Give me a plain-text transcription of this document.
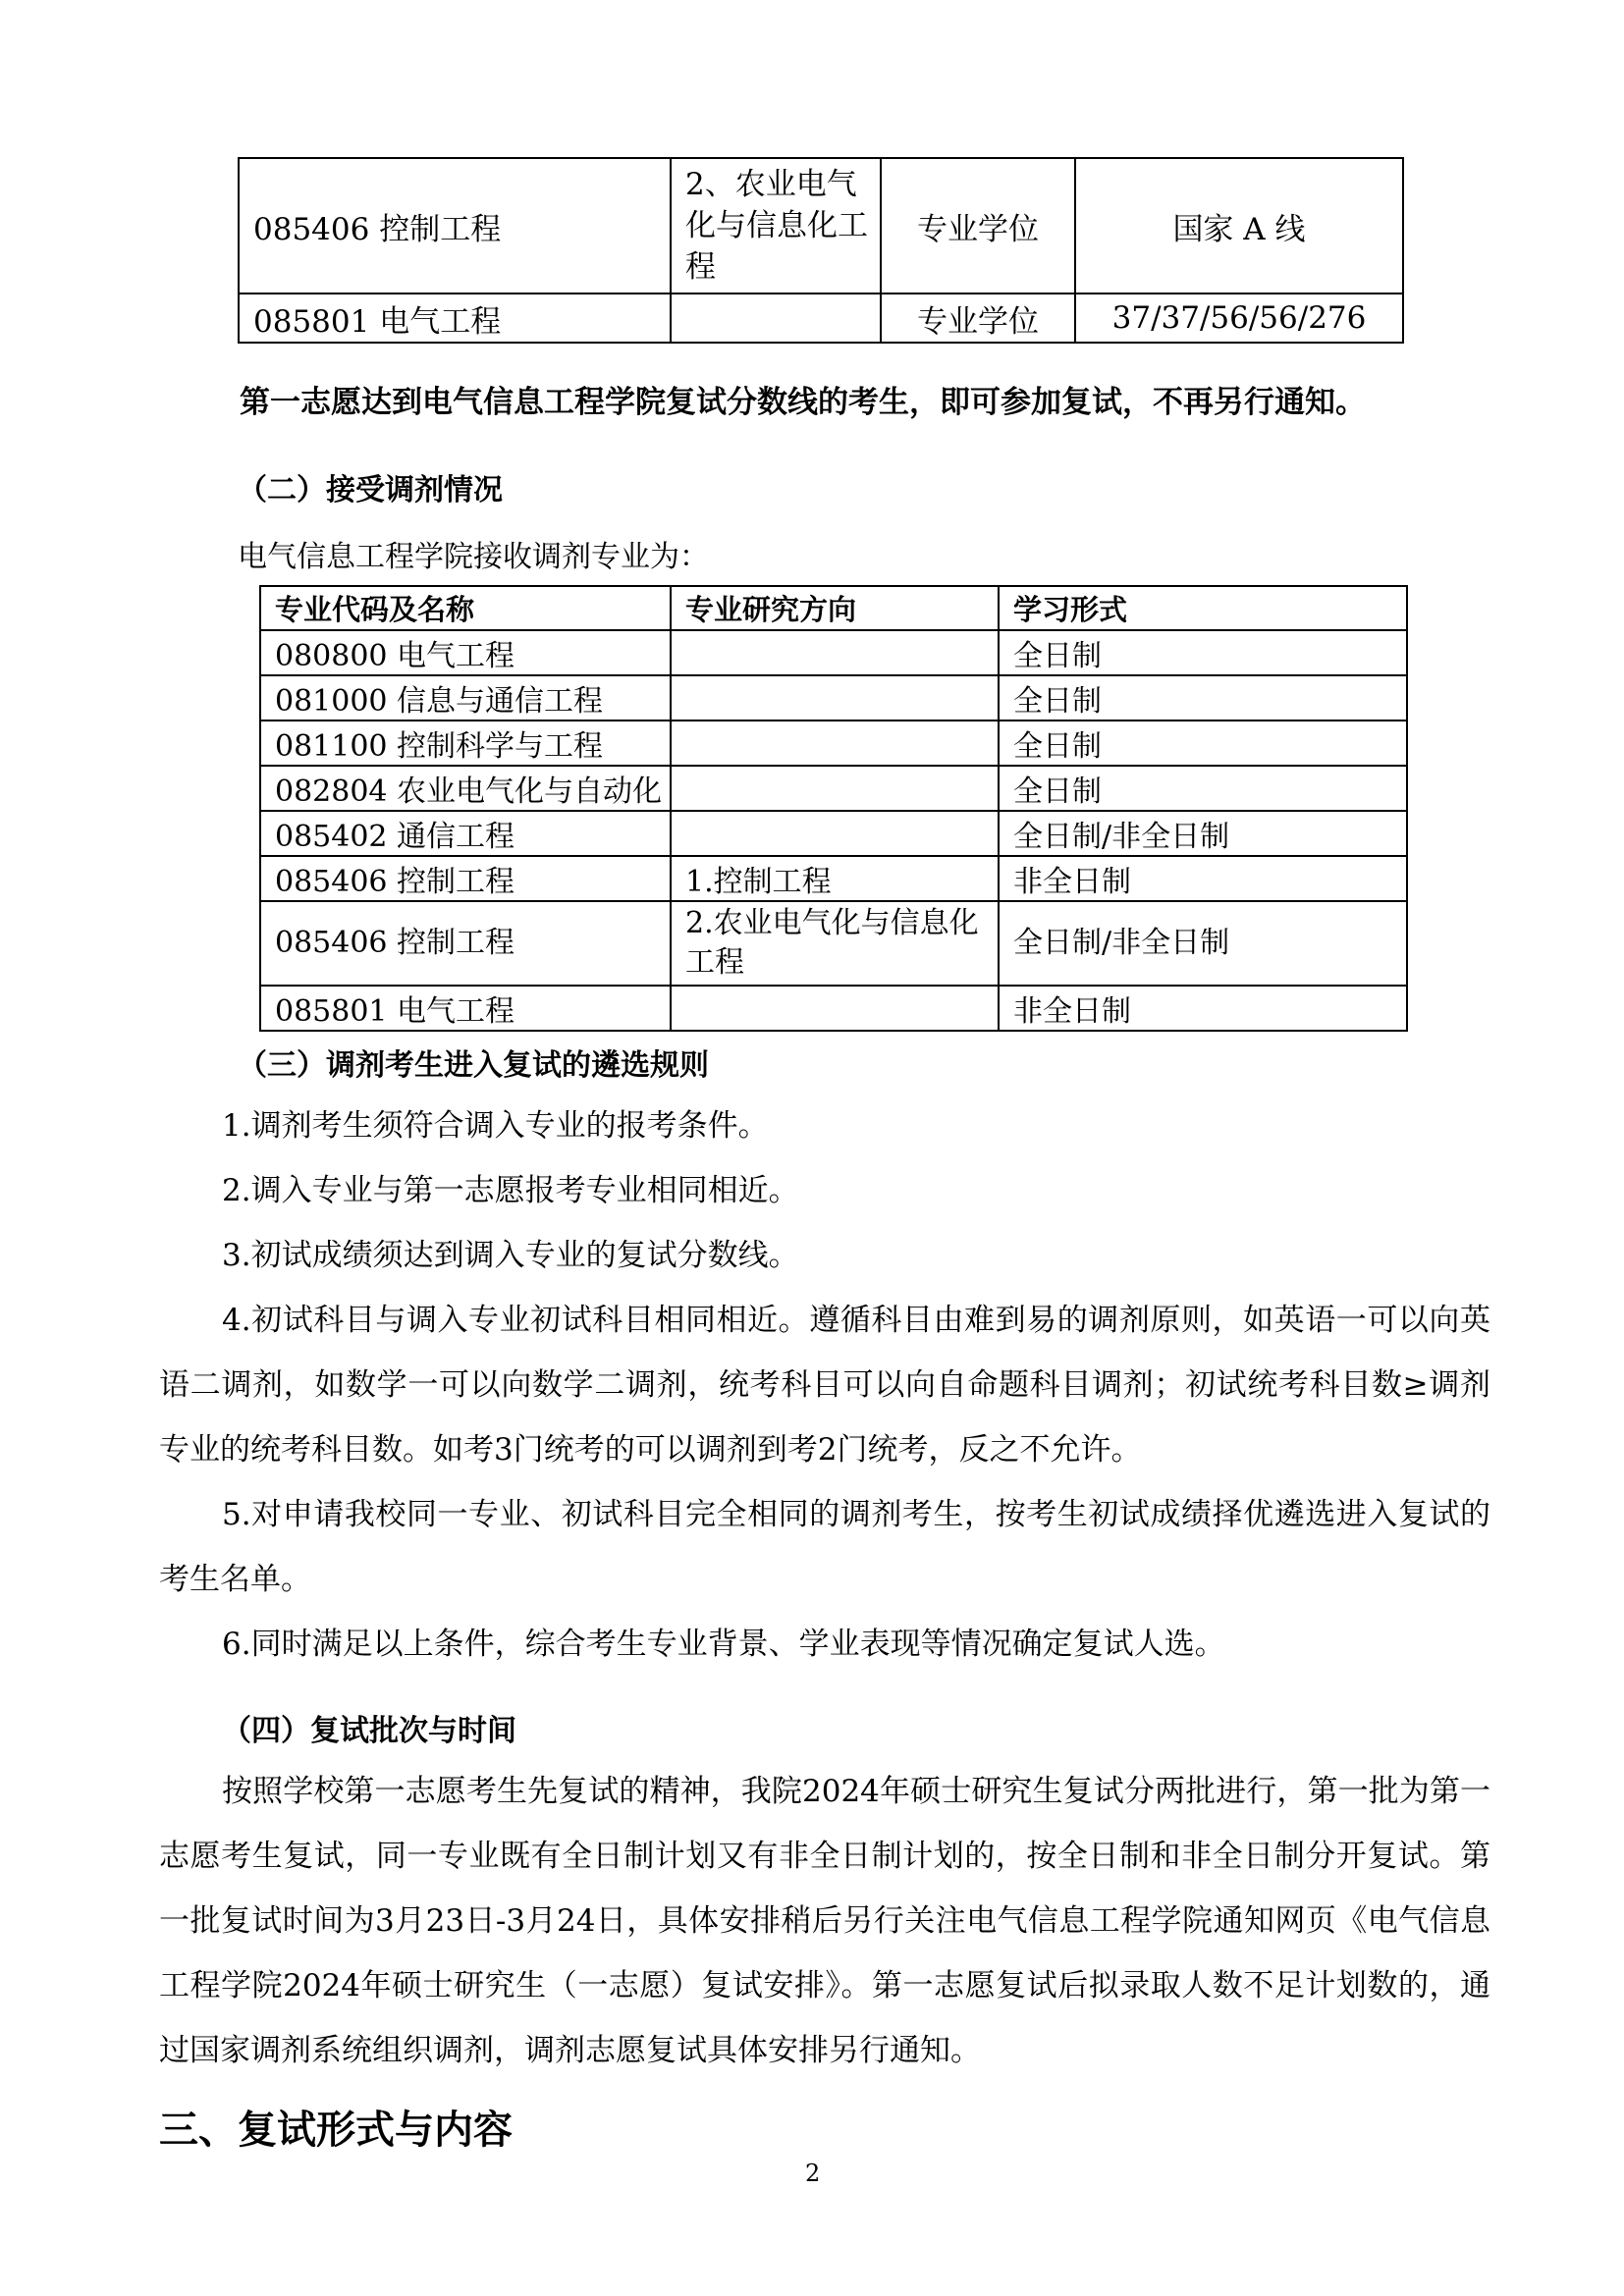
085406 控制工程	2、农业电气化与信息化工程	专业学位	国家 A 线
085801 电气工程		专业学位	37/37/56/56/276
第一志愿达到电气信息工程学院复试分数线的考生，即可参加复试，不再另行通知。
（二）接受调剂情况
电气信息工程学院接收调剂专业为：
专业代码及名称	专业研究方向	学习形式
080800 电气工程		全日制
081000 信息与通信工程		全日制
081100 控制科学与工程		全日制
082804 农业电气化与自动化		全日制
085402 通信工程		全日制/非全日制
085406 控制工程	1.控制工程	非全日制
085406 控制工程	2.农业电气化与信息化工程	全日制/非全日制
085801 电气工程		非全日制
（三）调剂考生进入复试的遴选规则
1.调剂考生须符合调入专业的报考条件。
2.调入专业与第一志愿报考专业相同相近。
3.初试成绩须达到调入专业的复试分数线。
4.初试科目与调入专业初试科目相同相近。遵循科目由难到易的调剂原则，如英语一可以向英语二调剂，如数学一可以向数学二调剂，统考科目可以向自命题科目调剂；初试统考科目数≥调剂专业的统考科目数。如考3门统考的可以调剂到考2门统考，反之不允许。
5.对申请我校同一专业、初试科目完全相同的调剂考生，按考生初试成绩择优遴选进入复试的考生名单。
6.同时满足以上条件，综合考生专业背景、学业表现等情况确定复试人选。
（四）复试批次与时间
按照学校第一志愿考生先复试的精神，我院2024年硕士研究生复试分两批进行，第一批为第一志愿考生复试，同一专业既有全日制计划又有非全日制计划的，按全日制和非全日制分开复试。第一批复试时间为3月23日-3月24日，具体安排稍后另行关注电气信息工程学院通知网页《电气信息工程学院2024年硕士研究生（一志愿）复试安排》。第一志愿复试后拟录取人数不足计划数的，通过国家调剂系统组织调剂，调剂志愿复试具体安排另行通知。
三、复试形式与内容
2
